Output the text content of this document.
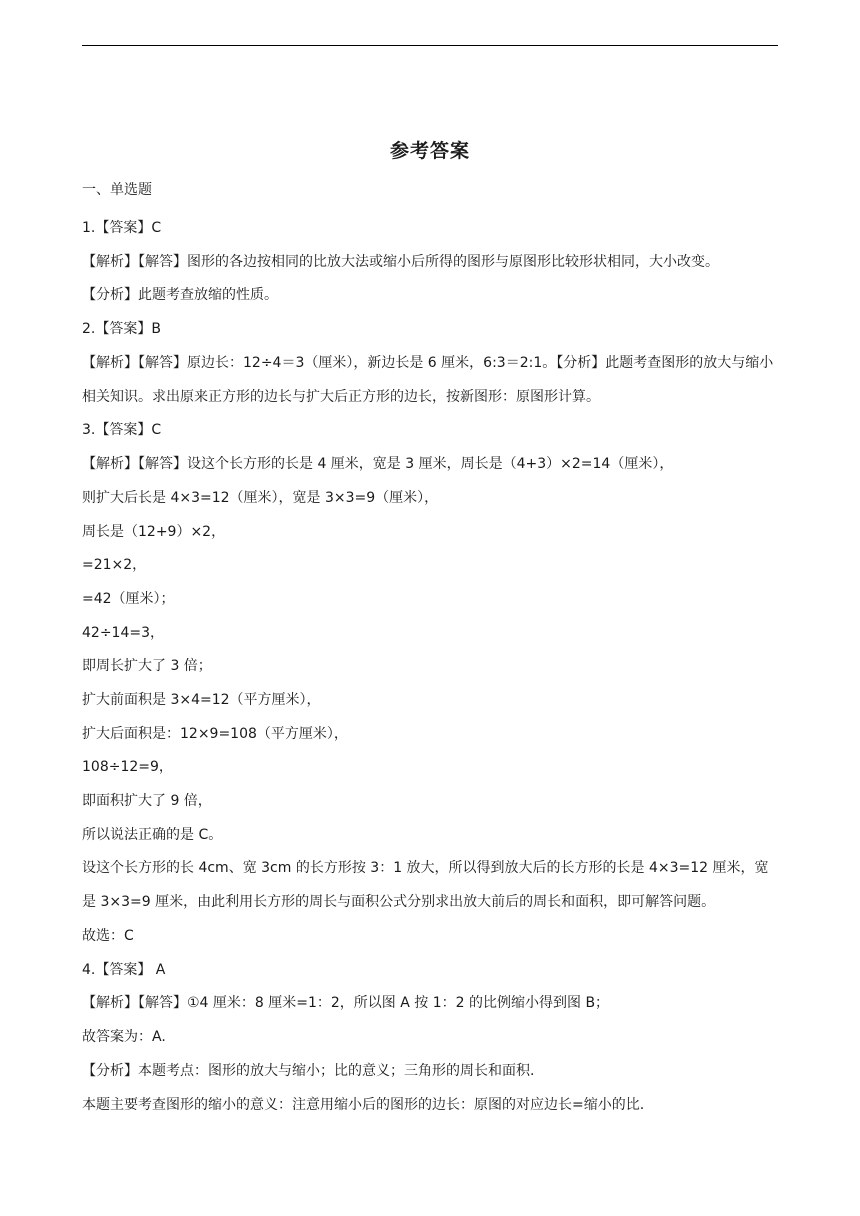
参考答案
一、单选题
1.【答案】C
【解析】【解答】图形的各边按相同的比放大法或缩小后所得的图形与原图形比较形状相同，大小改变。
【分析】此题考查放缩的性质。
2.【答案】B
【解析】【解答】原边长：12÷4＝3（厘米），新边长是 6 厘米，6:3＝2:1。【分析】此题考查图形的放大与缩小相关知识。求出原来正方形的边长与扩大后正方形的边长，按新图形：原图形计算。
3.【答案】C
【解析】【解答】设这个长方形的长是 4 厘米，宽是 3 厘米，周长是（4+3）×2=14（厘米），
则扩大后长是 4×3=12（厘米），宽是 3×3=9（厘米），
周长是（12+9）×2，
=21×2，
=42（厘米）；
42÷14=3，
即周长扩大了 3 倍；
扩大前面积是 3×4=12（平方厘米），
扩大后面积是：12×9=108（平方厘米），
108÷12=9，
即面积扩大了 9 倍，
所以说法正确的是 C。
设这个长方形的长 4cm、宽 3cm 的长方形按 3：1 放大，所以得到放大后的长方形的长是 4×3=12 厘米，宽是 3×3=9 厘米，由此利用长方形的周长与面积公式分别求出放大前后的周长和面积，即可解答问题。
故选：C
4.【答案】 A
【解析】【解答】①4 厘米：8 厘米=1：2，所以图 A 按 1：2 的比例缩小得到图 B；
故答案为：A.
【分析】本题考点：图形的放大与缩小；比的意义；三角形的周长和面积.
本题主要考查图形的缩小的意义：注意用缩小后的图形的边长：原图的对应边长=缩小的比.
